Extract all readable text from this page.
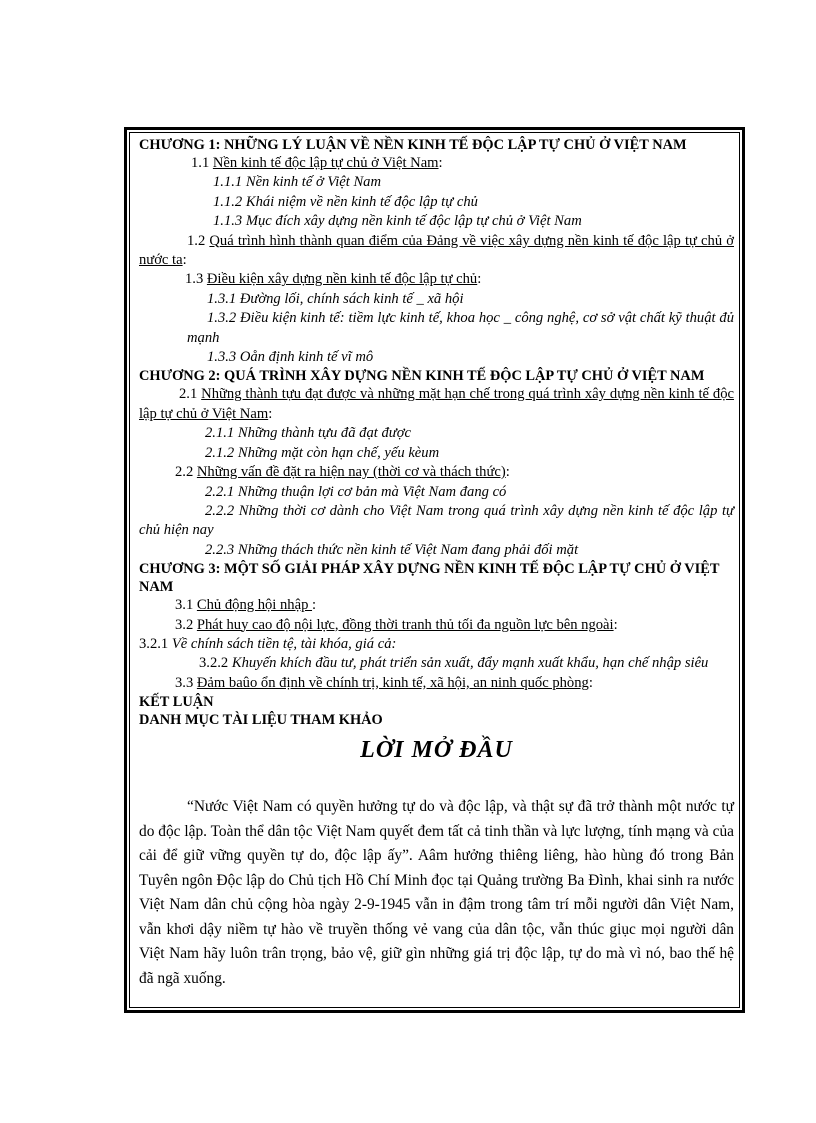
CHƯƠNG 1: NHỮNG LÝ LUẬN VỀ NỀN KINH TẾ ĐỘC LẬP TỰ CHỦ Ở VIỆT NAM
1.1 Nền kinh tế độc lập tự chủ ở Việt Nam:
1.1.1 Nền kinh tế ở Việt Nam
1.1.2 Khái niệm về nền kinh tế độc lập tự chủ
1.1.3 Mục đích xây dựng nền kinh tế độc lập tự chủ ở Việt Nam
1.2 Quá trình hình thành quan điểm của Đảng về việc xây dựng nền kinh tế độc lập tự chủ ở nước ta:
1.3 Điều kiện xây dựng nền kinh tế độc lập tự chủ:
1.3.1 Đường lối, chính sách kinh tế _ xã hội
1.3.2 Điều kiện kinh tế: tiềm lực kinh tế, khoa học _ công nghệ, cơ sở vật chất kỹ thuật đủ mạnh
1.3.3 Oån định kinh tế vĩ mô
CHƯƠNG 2: QUÁ TRÌNH XÂY DỰNG NỀN KINH TẾ ĐỘC LẬP TỰ CHỦ Ở VIỆT NAM
2.1 Những thành tựu đạt được và những mặt hạn chế trong quá trình xây dựng nền kinh tế độc lập tự chủ ở Việt Nam:
2.1.1 Những thành tựu đã đạt được
2.1.2 Những mặt còn hạn chế, yếu kèum
2.2 Những vấn đề đặt ra hiện nay (thời cơ và thách thức):
2.2.1 Những thuận lợi cơ bản mà Việt Nam đang có
2.2.2 Những thời cơ dành cho Việt Nam trong quá trình xây dựng nền kinh tế độc lập tự chủ hiện nay
2.2.3 Những thách thức nền kinh tế Việt Nam đang phải đối mặt
CHƯƠNG 3: MỘT SỐ GIẢI PHÁP XÂY DỰNG NỀN KINH TẾ ĐỘC LẬP TỰ CHỦ Ở VIỆT NAM
3.1 Chủ động hội nhập :
3.2 Phát huy cao độ nội lực, đồng thời tranh thủ tối đa nguồn lực bên ngoài:
3.2.1 Về chính sách tiền tệ, tài khóa, giá cả:
3.2.2 Khuyến khích đầu tư, phát triển sản xuất, đẩy mạnh xuất khẩu, hạn chế nhập siêu
3.3 Đảm baûo ổn định về chính trị, kinh tế, xã hội, an ninh quốc phòng:
KẾT LUẬN
DANH MỤC TÀI LIỆU THAM KHẢO
LỜI MỞ ĐẦU
“Nước Việt Nam có quyền hưởng tự do và độc lập, và thật sự đã trở thành một nước tự do độc lập. Toàn thể dân tộc Việt Nam quyết đem tất cả tinh thần và lực lượng, tính mạng và của cải để giữ vững quyền tự do, độc lập ấy”. Aâm hưởng thiêng liêng, hào hùng đó trong Bản Tuyên ngôn Độc lập do Chủ tịch Hồ Chí Minh đọc tại Quảng trường Ba Đình, khai sinh ra nước Việt Nam dân chủ cộng hòa ngày 2-9-1945 vẫn in đậm trong tâm trí mỗi người dân Việt Nam, vẫn khơi dậy niềm tự hào về truyền thống vẻ vang của dân tộc, vẫn thúc giục mọi người dân Việt Nam hãy luôn trân trọng, bảo vệ, giữ gìn những giá trị độc lập, tự do mà vì nó, bao thế hệ đã ngã xuống.
